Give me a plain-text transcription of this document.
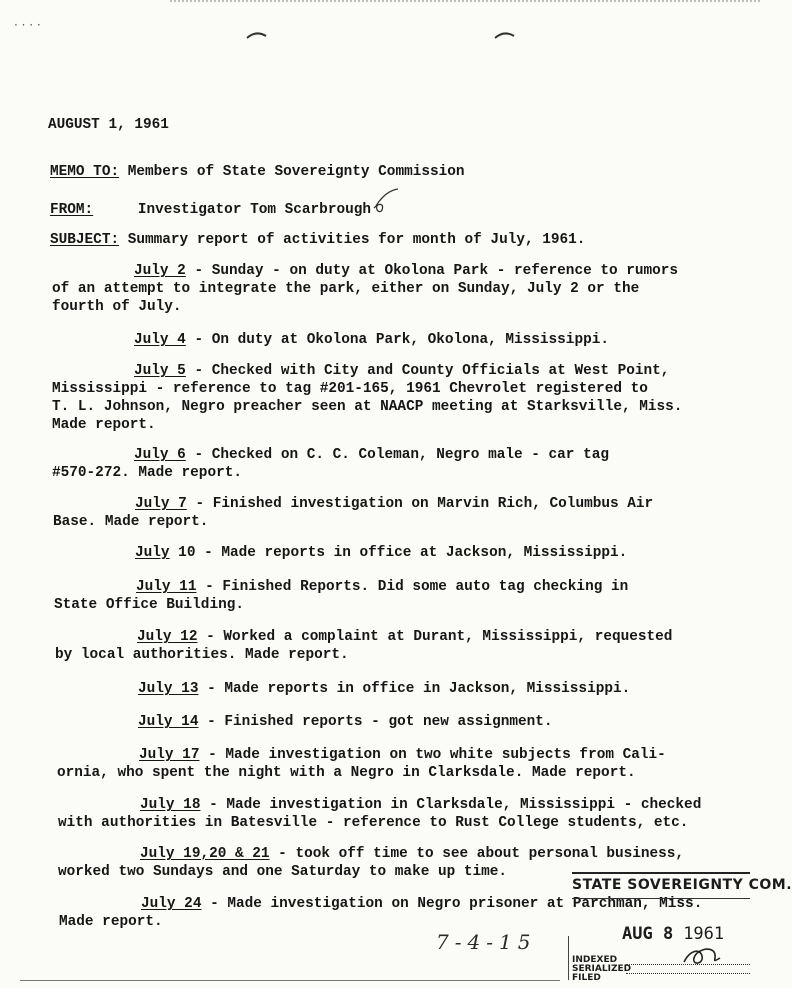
· · · ·
AUGUST 1, 1961
MEMO TO: Members of State Sovereignty Commission
FROM:	Investigator Tom Scarbrough
SUBJECT: Summary report of activities for month of July, 1961.
July 2 - Sunday - on duty at Okolona Park - reference to rumors
of an attempt to integrate the park, either on Sunday, July 2 or the
fourth of July.
July 4 - On duty at Okolona Park, Okolona, Mississippi.
July 5 - Checked with City and County Officials at West Point,
Mississippi - reference to tag #201-165, 1961 Chevrolet registered to
T. L. Johnson, Negro preacher seen at NAACP meeting at Starksville, Miss.
Made report.
July 6 - Checked on C. C. Coleman, Negro male - car tag
#570-272. Made report.
July 7 - Finished investigation on Marvin Rich, Columbus Air
Base. Made report.
July 10 - Made reports in office at Jackson, Mississippi.
July 11 - Finished Reports. Did some auto tag checking in
State Office Building.
July 12 - Worked a complaint at Durant, Mississippi, requested
by local authorities. Made report.
July 13 - Made reports in office in Jackson, Mississippi.
July 14 - Finished reports - got new assignment.
July 17 - Made investigation on two white subjects from Cali-
ornia, who spent the night with a Negro in Clarksdale. Made report.
July 18 - Made investigation in Clarksdale, Mississippi - checked
with authorities in Batesville - reference to Rust College students, etc.
July 19,20 & 21 - took off time to see about personal business,
worked two Sundays and one Saturday to make up time.
July 24 - Made investigation on Negro prisoner at Parchman, Miss.
Made report.
7-4-15
STATE SOVEREIGNTY COM.
AUG 8 1961
INDEXED
SERIALIZED
FILED
